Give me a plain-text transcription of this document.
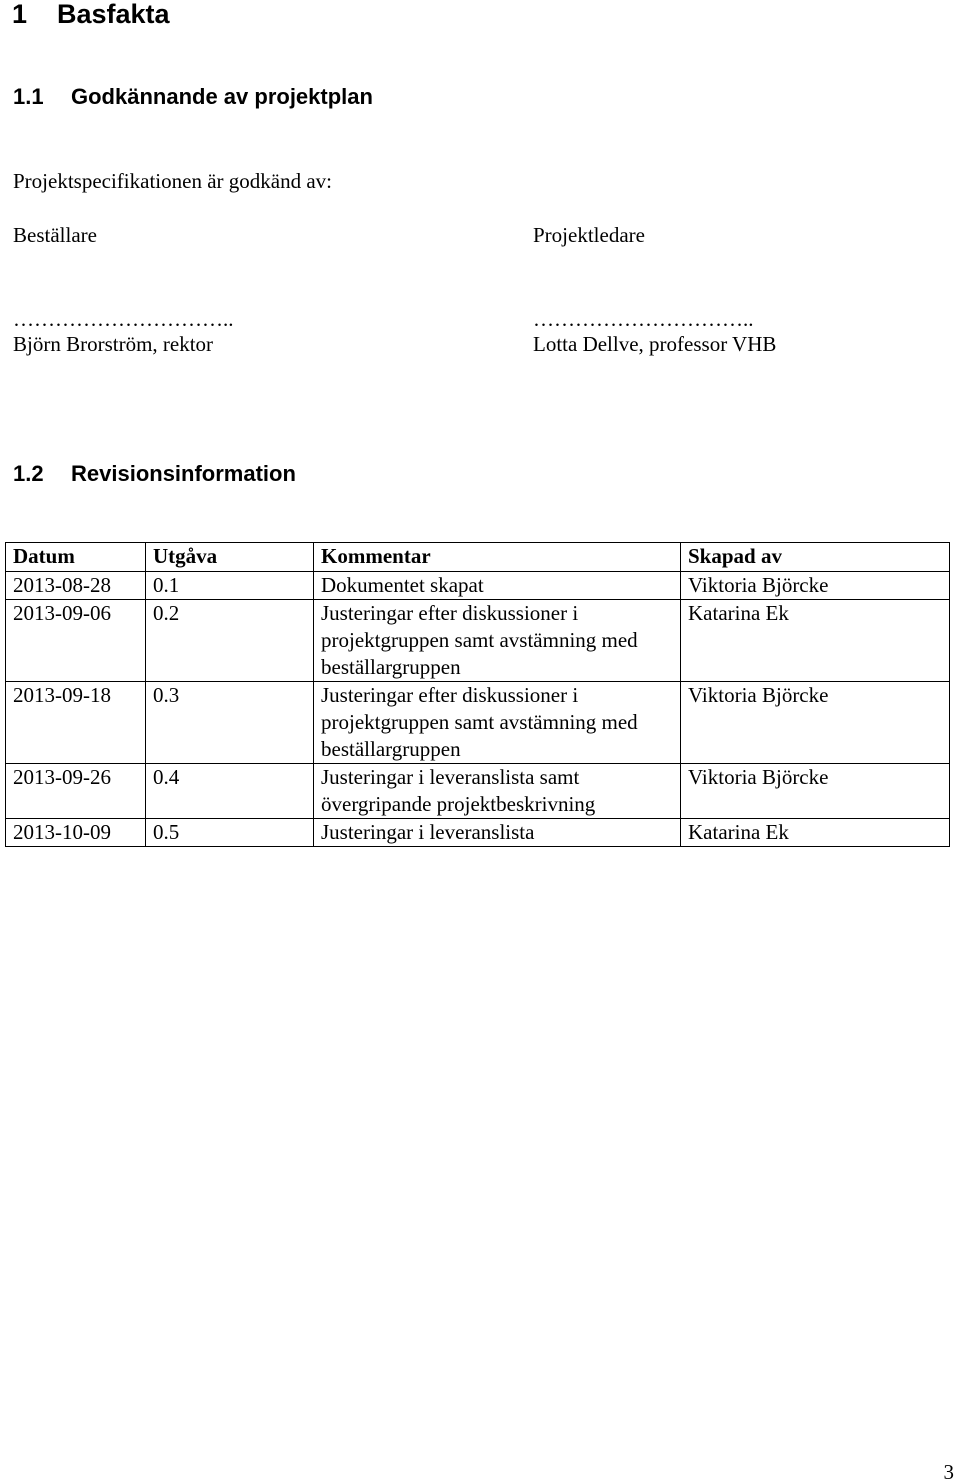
1 Basfakta
1.1 Godkännande av projektplan
Projektspecifikationen är godkänd av:
Beställare	Projektledare
…………………………..	…………………………..
Björn Brorström, rektor	Lotta Dellve, professor VHB
1.2 Revisionsinformation
Datum	Utgåva	Kommentar	Skapad av
2013-08-28	0.1	Dokumentet skapat	Viktoria Björcke
2013-09-06	0.2	Justeringar efter diskussioner i projektgruppen samt avstämning med beställargruppen	Katarina Ek
2013-09-18	0.3	Justeringar efter diskussioner i projektgruppen samt avstämning med beställargruppen	Viktoria Björcke
2013-09-26	0.4	Justeringar i leveranslista samt övergripande projektbeskrivning	Viktoria Björcke
2013-10-09	0.5	Justeringar i leveranslista	Katarina Ek
3
